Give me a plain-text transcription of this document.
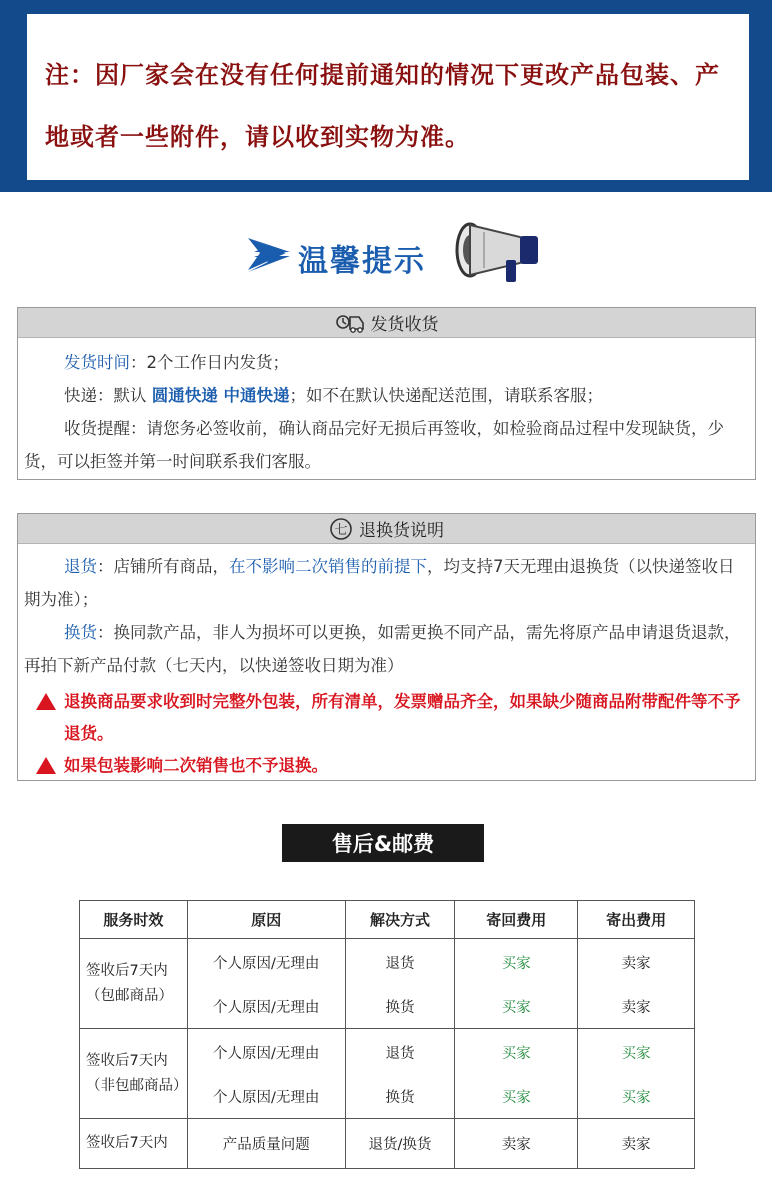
注：因厂家会在没有任何提前通知的情况下更改产品包装、产地或者一些附件，请以收到实物为准。
温馨提示
发货收货
发货时间：2个工作日内发货；
快递：默认 圆通快递 中通快递；如不在默认快递配送范围，请联系客服；
收货提醒：请您务必签收前，确认商品完好无损后再签收，如检验商品过程中发现缺货，少货，可以拒签并第一时间联系我们客服。
七 退换货说明
退货：店铺所有商品，在不影响二次销售的前提下，均支持7天无理由退换货（以快递签收日期为准）；
换货：换同款产品，非人为损坏可以更换，如需更换不同产品，需先将原产品申请退货退款，再拍下新产品付款（七天内，以快递签收日期为准）
退换商品要求收到时完整外包装，所有清单，发票赠品齐全，如果缺少随商品附带配件等不予退货。
如果包装影响二次销售也不予退换。
售后&邮费
服务时效	原因	解决方式	寄回费用	寄出费用
签收后7天内（包邮商品）	个人原因/无理由	退货	买家	卖家
	个人原因/无理由	换货	买家	卖家
签收后7天内（非包邮商品）	个人原因/无理由	退货	买家	买家
	个人原因/无理由	换货	买家	买家
签收后7天内	产品质量问题	退货/换货	卖家	卖家
